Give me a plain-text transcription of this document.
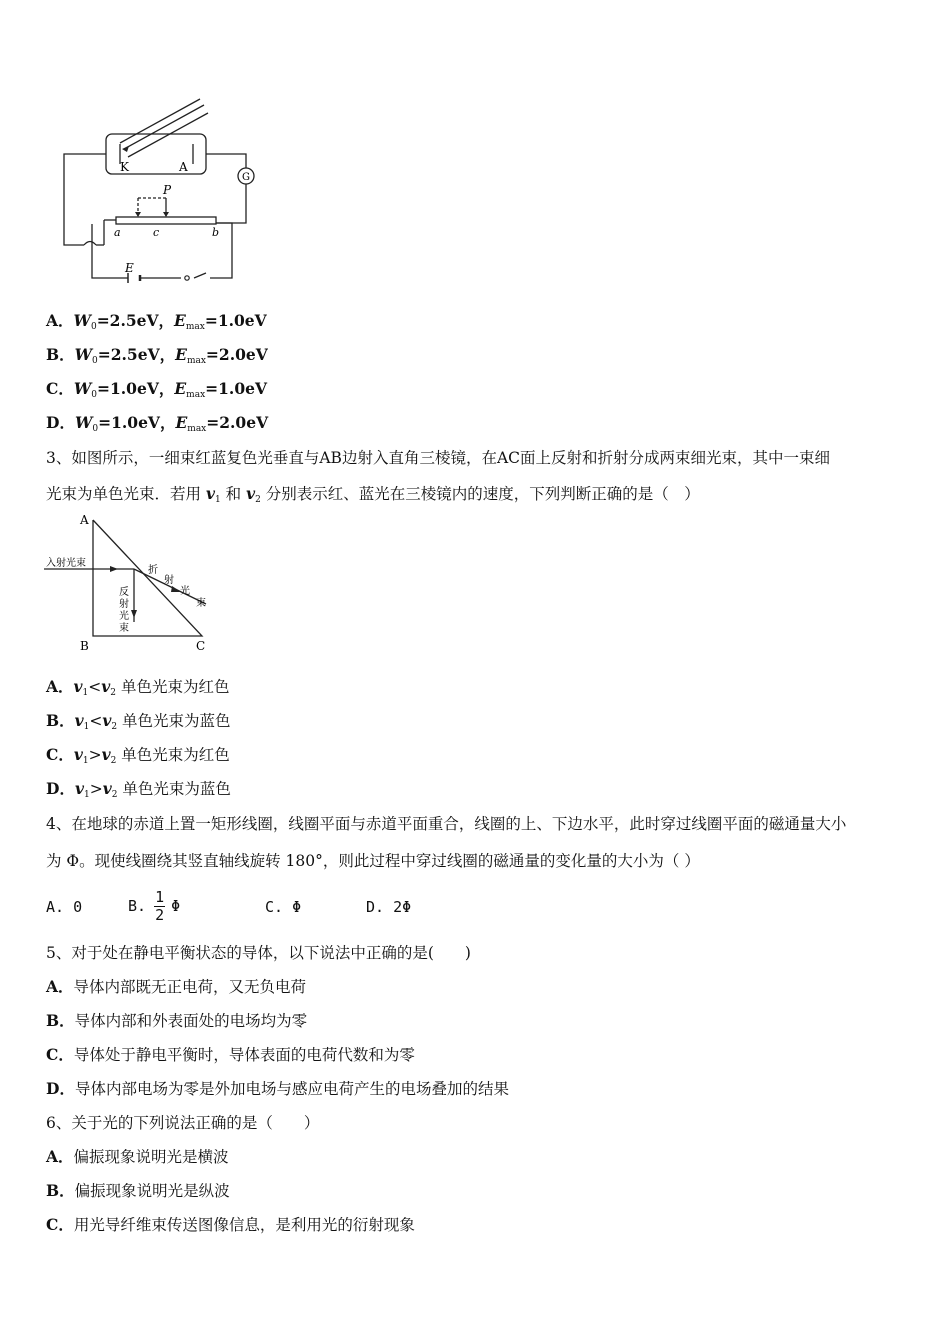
K	A
G
P
a	c	b
E
A．$W_0=2.5eV$，$E_{max}=1.0eV$
B．$W_0=2.5eV$，$E_{max}=2.0eV$
C．$W_0=1.0eV$，$E_{max}=1.0eV$
D．$W_0=1.0eV$，$E_{max}=2.0eV$
3、如图所示，一细束红蓝复色光垂直与AB边射入直角三棱镜，在AC面上反射和折射分成两束细光束，其中一束细
光束为单色光束．若用 $v_1$ 和 $v_2$ 分别表示红、蓝光在三棱镜内的速度，下列判断正确的是（　）
A
B	C
入射光束
折
射
光
束
反
射
光
束
A．$v_1<v_2$ 单色光束为红色
B．$v_1<v_2$ 单色光束为蓝色
C．$v_1>v_2$ 单色光束为红色
D．$v_1>v_2$ 单色光束为蓝色
4、在地球的赤道上置一矩形线圈，线圈平面与赤道平面重合，线圈的上、下边水平，此时穿过线圈平面的磁通量大小
为 Φ。现使线圈绕其竖直轴线旋转 180°，则此过程中穿过线圈的磁通量的变化量的大小为（ ）
A. 0	B. $\frac{1}{2}$ Φ	C. Φ	D. 2Φ
5、对于处在静电平衡状态的导体，以下说法中正确的是(　　)
A．导体内部既无正电荷，又无负电荷
B．导体内部和外表面处的电场均为零
C．导体处于静电平衡时，导体表面的电荷代数和为零
D．导体内部电场为零是外加电场与感应电荷产生的电场叠加的结果
6、关于光的下列说法正确的是（　　）
A．偏振现象说明光是横波
B．偏振现象说明光是纵波
C．用光导纤维束传送图像信息，是利用光的衍射现象
